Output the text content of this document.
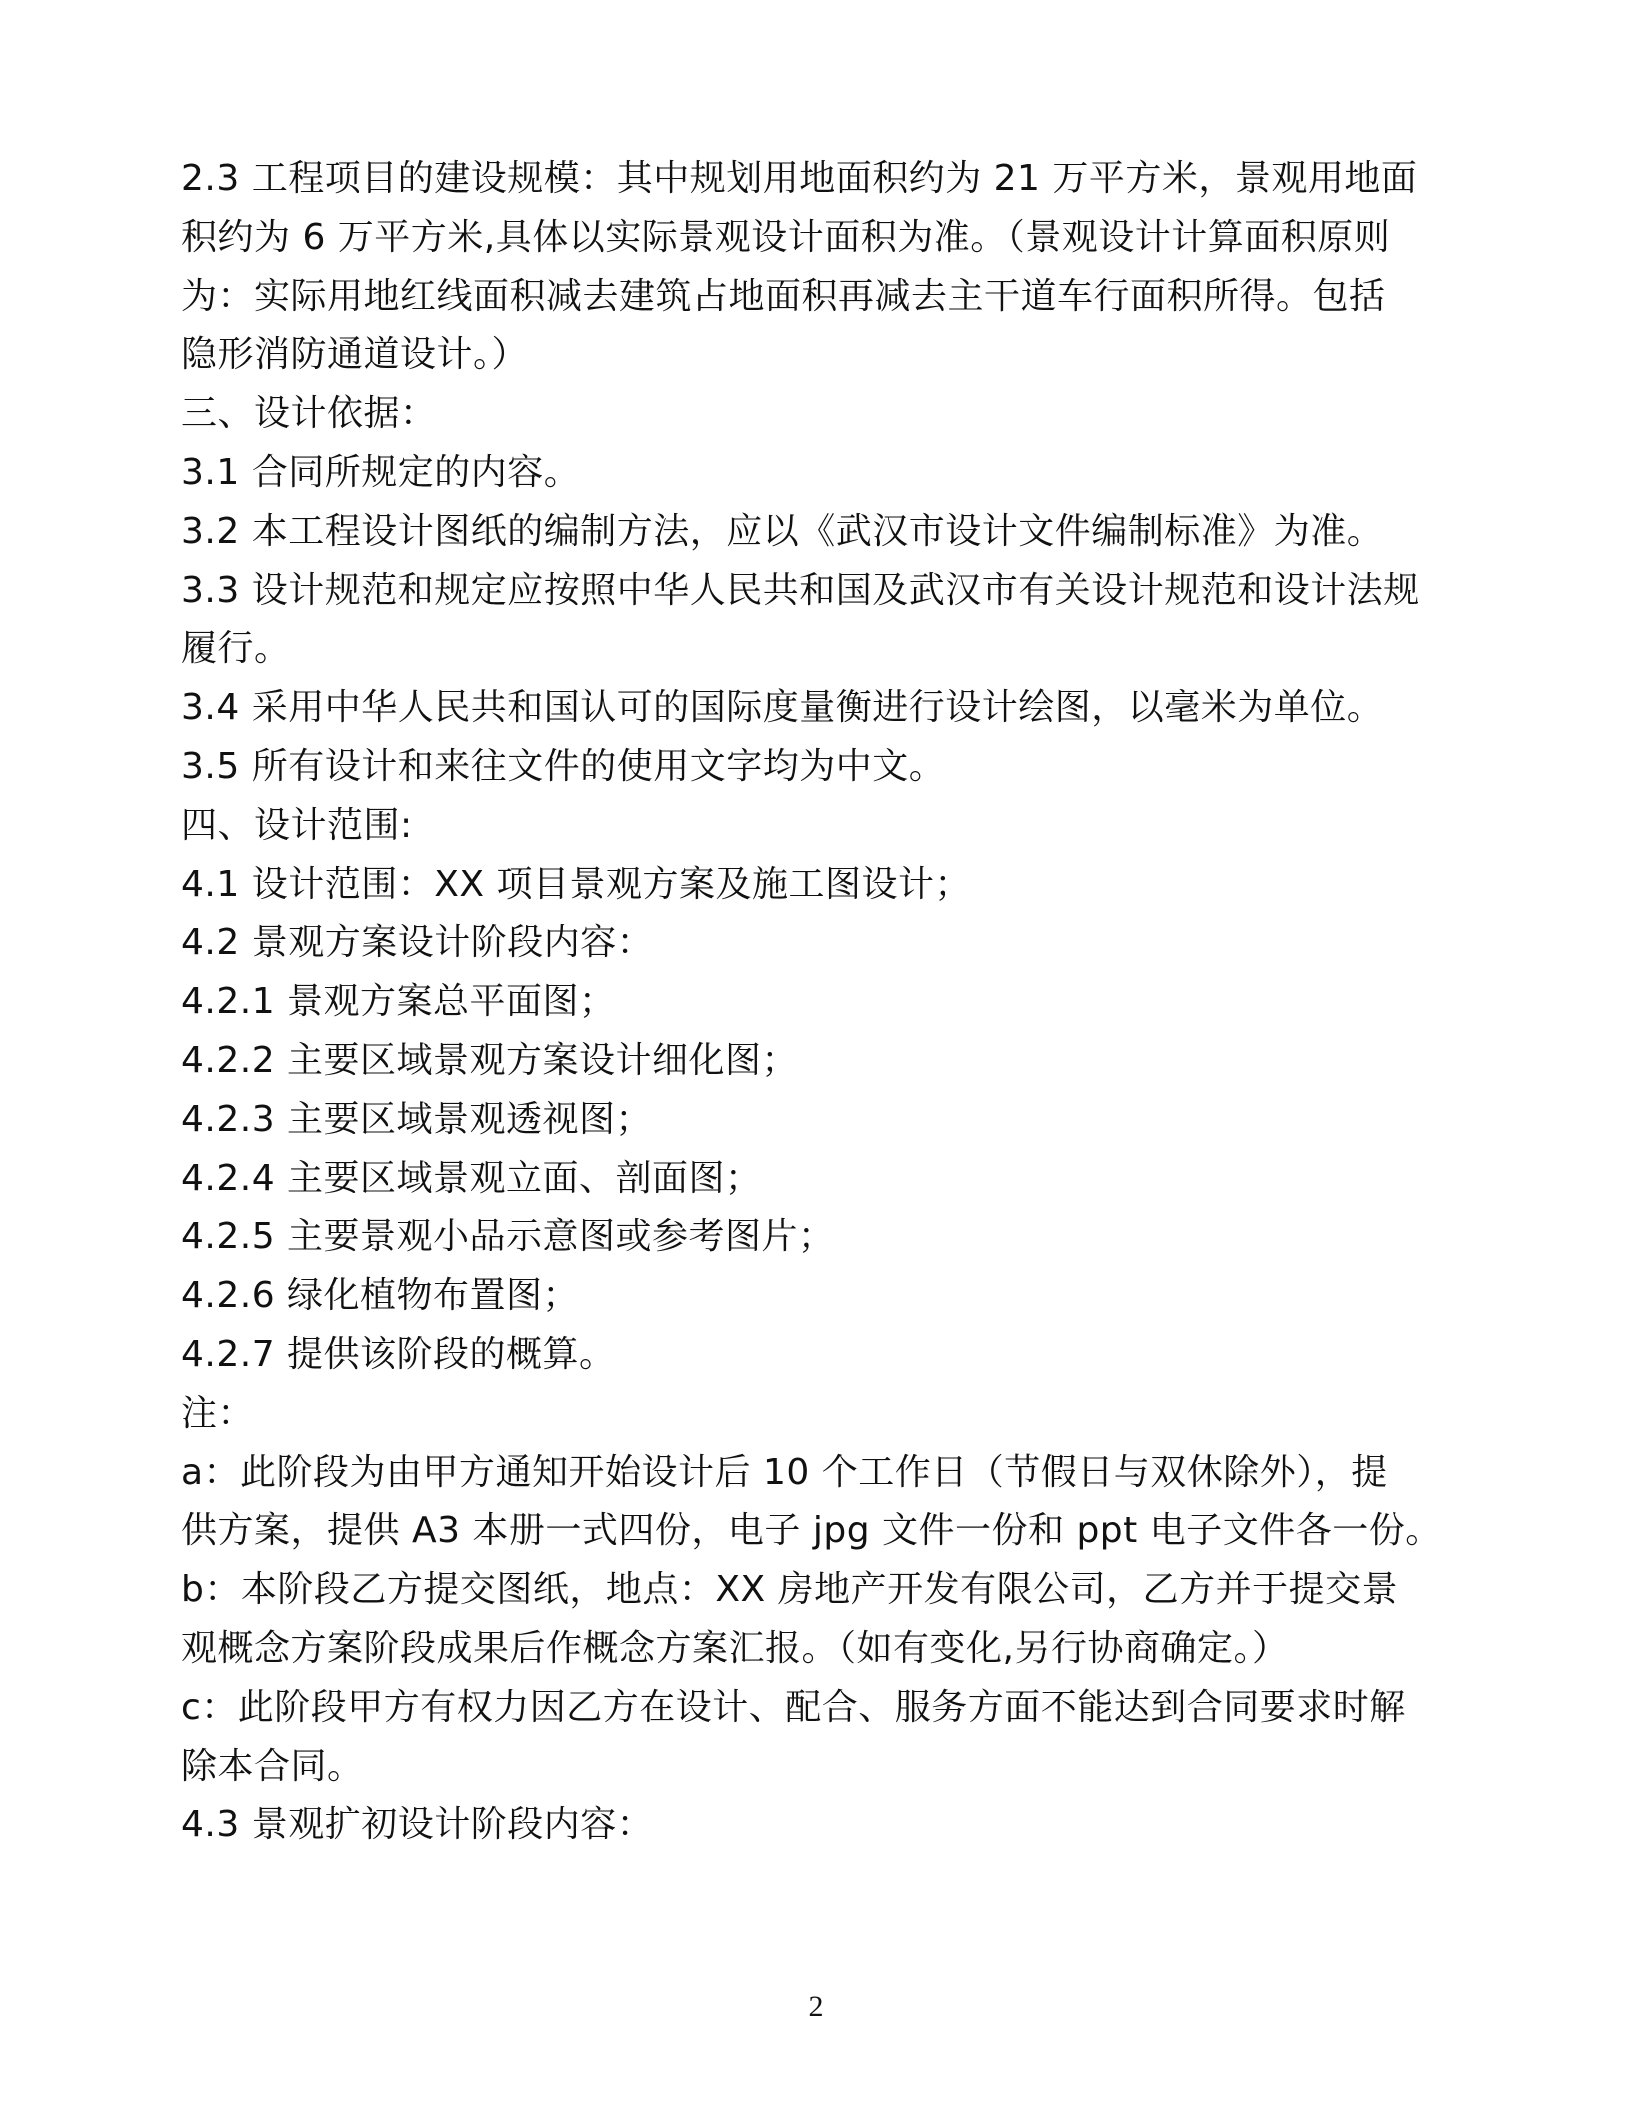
2.3 工程项目的建设规模：其中规划用地面积约为 21 万平方米，景观用地面
积约为 6 万平方米,具体以实际景观设计面积为准。（景观设计计算面积原则
为：实际用地红线面积减去建筑占地面积再减去主干道车行面积所得。包括
隐形消防通道设计。）
三、设计依据：
3.1 合同所规定的内容。
3.2 本工程设计图纸的编制方法，应以《武汉市设计文件编制标准》为准。
3.3 设计规范和规定应按照中华人民共和国及武汉市有关设计规范和设计法规
履行。
3.4 采用中华人民共和国认可的国际度量衡进行设计绘图，以毫米为单位。
3.5 所有设计和来往文件的使用文字均为中文。
四、设计范围:
4.1 设计范围：XX 项目景观方案及施工图设计；
4.2 景观方案设计阶段内容：
4.2.1 景观方案总平面图；
4.2.2 主要区域景观方案设计细化图；
4.2.3 主要区域景观透视图；
4.2.4 主要区域景观立面、剖面图；
4.2.5 主要景观小品示意图或参考图片；
4.2.6 绿化植物布置图；
4.2.7 提供该阶段的概算。
注：
a：此阶段为由甲方通知开始设计后 10 个工作日（节假日与双休除外），提
供方案，提供 A3 本册一式四份，电子 jpg 文件一份和 ppt 电子文件各一份。
b：本阶段乙方提交图纸，地点：XX 房地产开发有限公司，乙方并于提交景
观概念方案阶段成果后作概念方案汇报。（如有变化,另行协商确定。）
c：此阶段甲方有权力因乙方在设计、配合、服务方面不能达到合同要求时解
除本合同。
4.3 景观扩初设计阶段内容：
2
